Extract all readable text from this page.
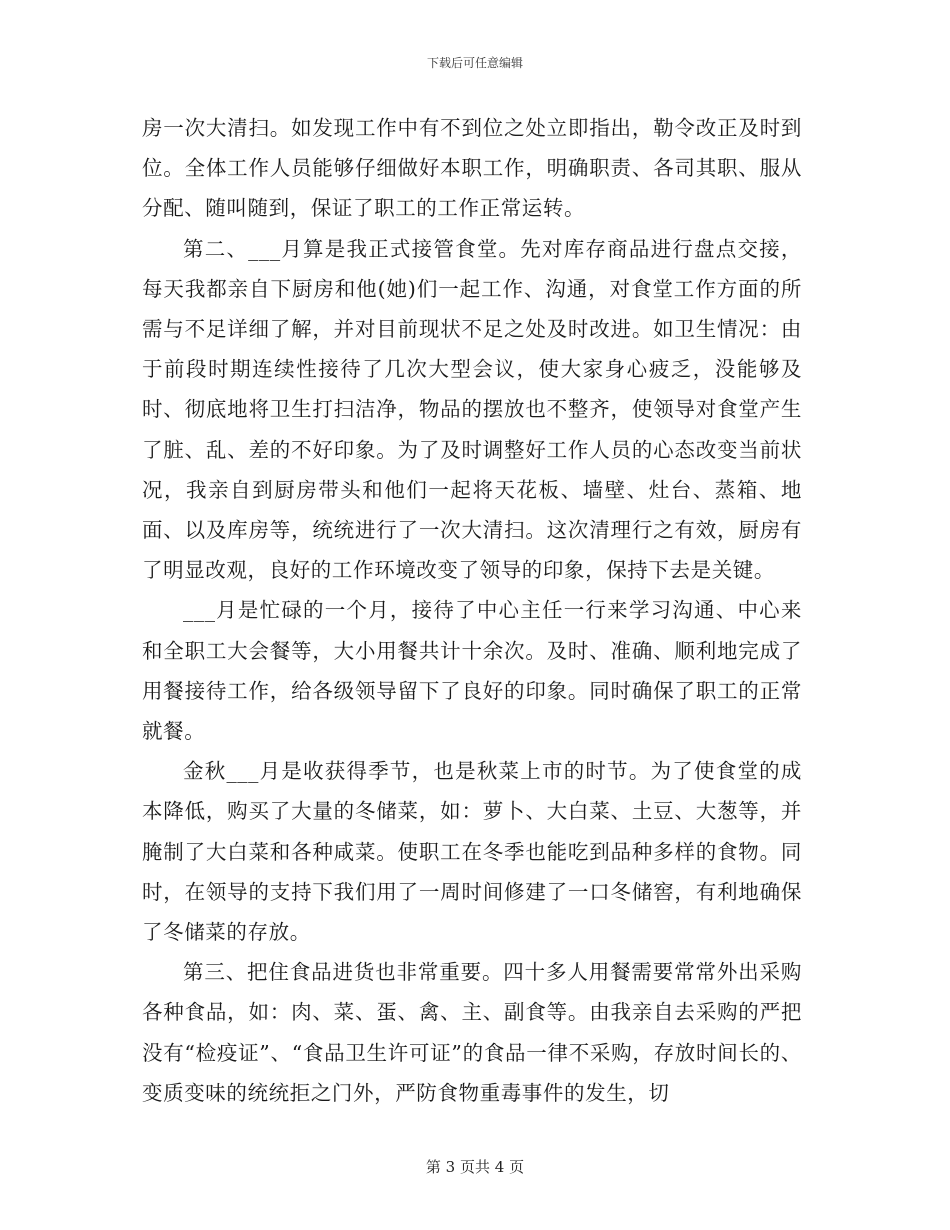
下载后可任意编辑

房一次大清扫。如发现工作中有不到位之处立即指出，勒令改正及时到位。全体工作人员能够仔细做好本职工作，明确职责、各司其职、服从分配、随叫随到，保证了职工的工作正常运转。

第二、___月算是我正式接管食堂。先对库存商品进行盘点交接，每天我都亲自下厨房和他(她)们一起工作、沟通，对食堂工作方面的所需与不足详细了解，并对目前现状不足之处及时改进。如卫生情况：由于前段时期连续性接待了几次大型会议，使大家身心疲乏，没能够及时、彻底地将卫生打扫洁净，物品的摆放也不整齐，使领导对食堂产生了脏、乱、差的不好印象。为了及时调整好工作人员的心态改变当前状况，我亲自到厨房带头和他们一起将天花板、墙壁、灶台、蒸箱、地面、以及库房等，统统进行了一次大清扫。这次清理行之有效，厨房有了明显改观，良好的工作环境改变了领导的印象，保持下去是关键。

___月是忙碌的一个月，接待了中心主任一行来学习沟通、中心来和全职工大会餐等，大小用餐共计十余次。及时、准确、顺利地完成了用餐接待工作，给各级领导留下了良好的印象。同时确保了职工的正常就餐。

金秋___月是收获得季节，也是秋菜上市的时节。为了使食堂的成本降低，购买了大量的冬储菜，如：萝卜、大白菜、土豆、大葱等，并腌制了大白菜和各种咸菜。使职工在冬季也能吃到品种多样的食物。同时，在领导的支持下我们用了一周时间修建了一口冬储窖，有利地确保了冬储菜的存放。

第三、把住食品进货也非常重要。四十多人用餐需要常常外出采购各种食品，如：肉、菜、蛋、禽、主、副食等。由我亲自去采购的严把没有“检疫证”、“食品卫生许可证”的食品一律不采购，存放时间长的、变质变味的统统拒之门外，严防食物重毒事件的发生，切

第 3 页共 4 页
